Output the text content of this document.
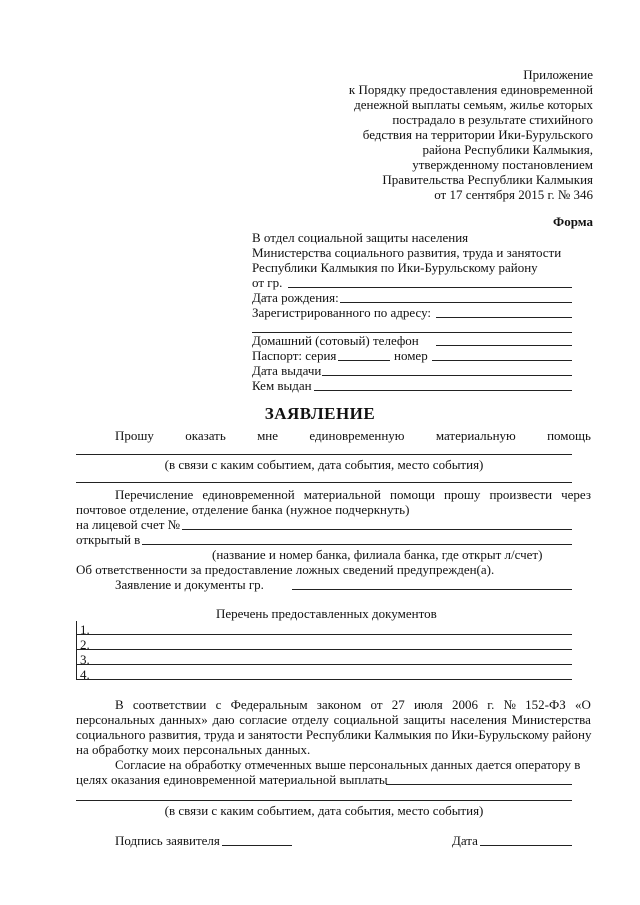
Приложение
к Порядку предоставления единовременной
денежной выплаты семьям, жилье которых
пострадало в результате стихийного
бедствия на территории Ики-Бурульского
района Республики Калмыкия,
утвержденному постановлением
Правительства Республики Калмыкия
от 17 сентября 2015 г. № 346
Форма
В отдел социальной защиты населения
Министерства социального развития, труда и занятости
Республики Калмыкия по Ики-Бурульскому району
от гр.
Дата рождения:
Зарегистрированного по адресу:
Домашний (сотовый) телефон
Паспорт: серия	номер
Дата выдачи
Кем выдан
ЗАЯВЛЕНИЕ
Прошу оказать мне единовременную материальную помощь
(в связи с каким событием, дата события, место события)
Перечисление единовременной материальной помощи прошу произвести через
почтовое отделение, отделение банка (нужное подчеркнуть)
на лицевой счет №
открытый в
(название и номер банка, филиала банка, где открыт л/счет)
Об ответственности за предоставление ложных сведений предупрежден(а).
Заявление и документы гр.
Перечень предоставленных документов
1.
2.
3.
4.
В соответствии с Федеральным законом от 27 июля 2006 г. № 152-ФЗ «О
персональных данных» даю согласие отделу социальной защиты населения Министерства
социального развития, труда и занятости Республики Калмыкия по Ики-Бурульскому району
на обработку моих персональных данных.
Согласие на обработку отмеченных выше персональных данных дается оператору в
целях оказания единовременной материальной выплаты
(в связи с каким событием, дата события, место события)
Подпись заявителя	Дата
